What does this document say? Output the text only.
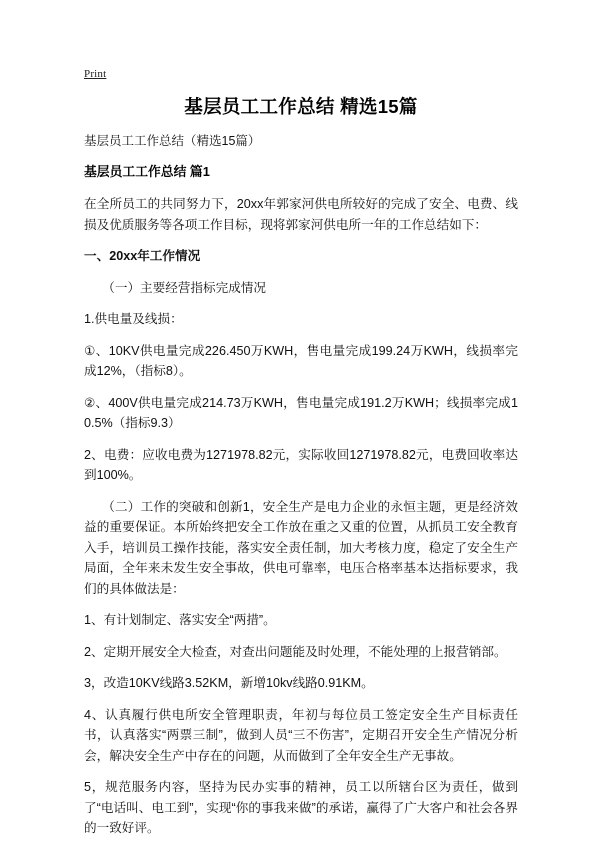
Print
基层员工工作总结 精选15篇
基层员工工作总结（精选15篇）
基层员工工作总结 篇1

在全所员工的共同努力下，20xx年郭家河供电所较好的完成了安全、电费、线损及优质服务等各项工作目标，现将郭家河供电所一年的工作总结如下：

一、20xx年工作情况

（一）主要经营指标完成情况

1.供电量及线损：

①、10KV供电量完成226.450万KWH，售电量完成199.24万KWH，线损率完成12%，（指标8）。

②、400V供电量完成214.73万KWH，售电量完成191.2万KWH；线损率完成10.5%（指标9.3）

2、电费：应收电费为1271978.82元，实际收回1271978.82元，电费回收率达到100%。

（二）工作的突破和创新1，安全生产是电力企业的永恒主题，更是经济效益的重要保证。本所始终把安全工作放在重之又重的位置，从抓员工安全教育入手，培训员工操作技能，落实安全责任制，加大考核力度，稳定了安全生产局面，全年来未发生安全事故，供电可靠率，电压合格率基本达指标要求，我们的具体做法是：

1、有计划制定、落实安全“两措”。

2、定期开展安全大检查，对查出问题能及时处理，不能处理的上报营销部。

3，改造10KV线路3.52KM，新增10kv线路0.91KM。

4、认真履行供电所安全管理职责，年初与每位员工签定安全生产目标责任书，认真落实“两票三制”，做到人员“三不伤害”，定期召开安全生产情况分析会，解决安全生产中存在的问题，从而做到了全年安全生产无事故。

5，规范服务内容，坚持为民办实事的精神，员工以所辖台区为责任，做到了“电话叫、电工到”，实现“你的事我来做”的承诺，赢得了广大客户和社会各界的一致好评。
